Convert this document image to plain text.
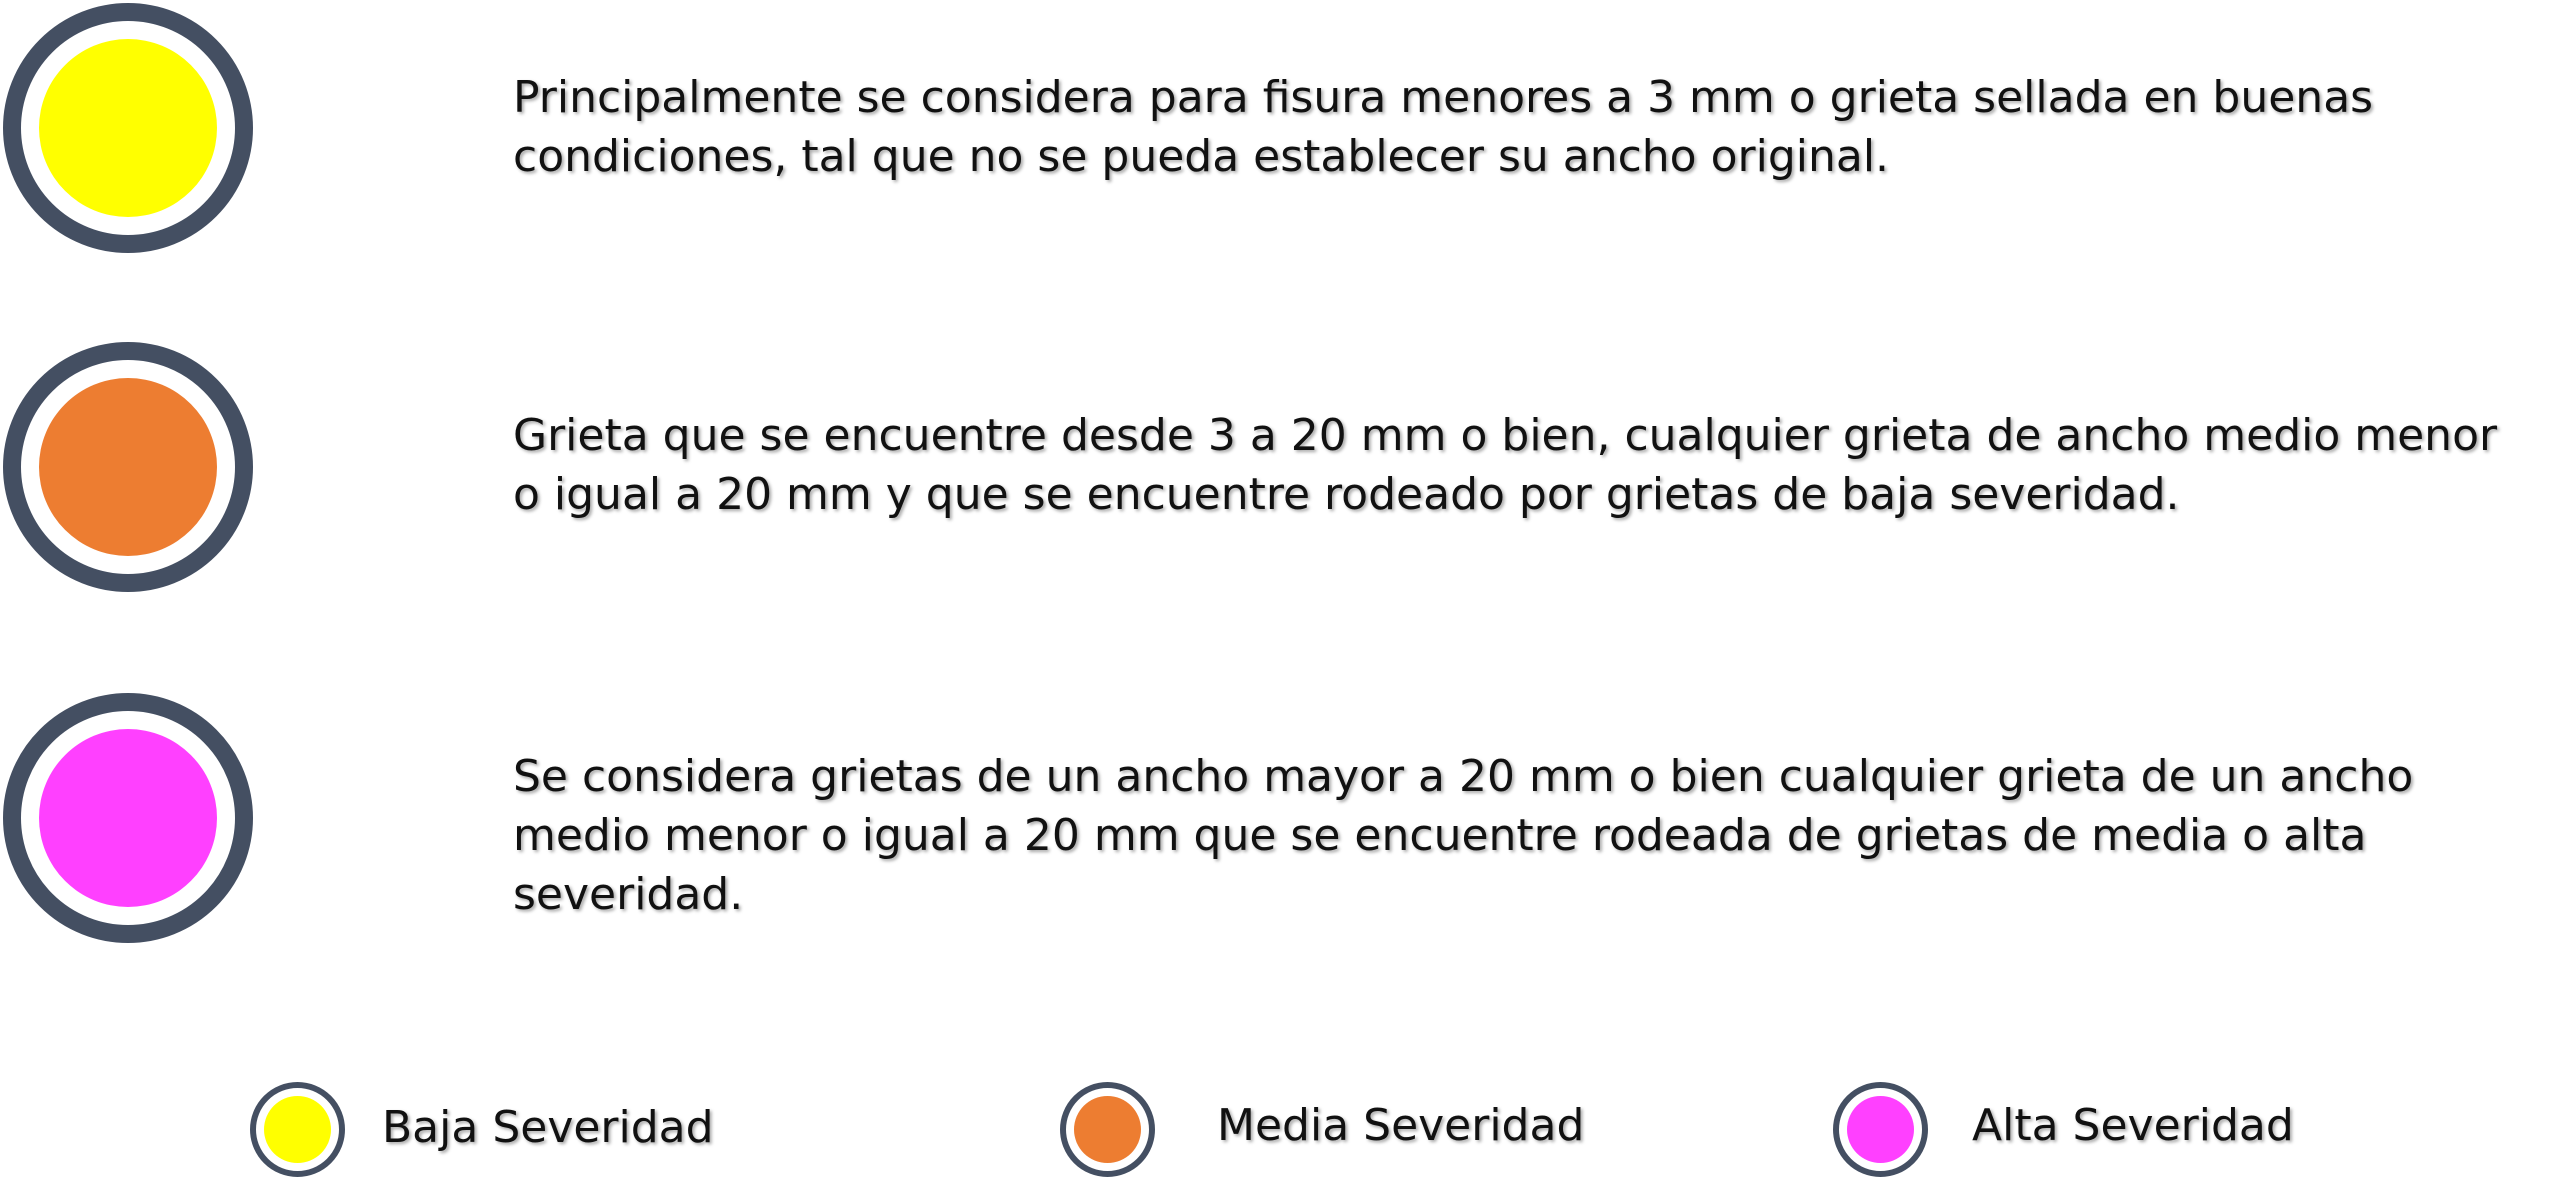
Principalmente se considera para fisura menores a 3 mm o grieta sellada en buenas condiciones, tal que no se pueda establecer su ancho original.

Grieta que se encuentre desde 3 a 20 mm o bien, cualquier grieta de ancho medio menor o igual a 20 mm y que se encuentre rodeado por grietas de baja severidad.

Se considera grietas de un ancho mayor a 20 mm o bien cualquier grieta de un ancho medio menor o igual a 20 mm que se encuentre rodeada de grietas de media o alta severidad.

Baja Severidad	Media Severidad	Alta Severidad
